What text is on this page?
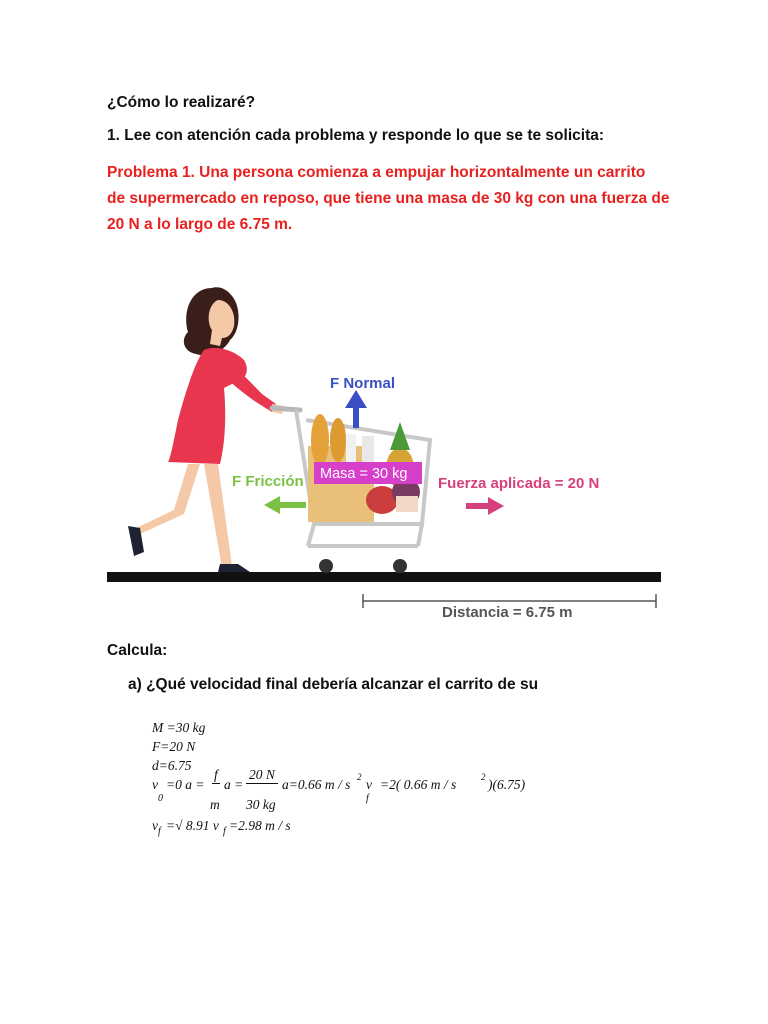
¿Cómo lo realizaré?
1. Lee con atención cada problema y responde lo que se te solicita:
Problema 1. Una persona comienza a empujar horizontalmente un carrito
de supermercado en reposo, que tiene una masa de 30 kg con una fuerza de
20 N a lo largo de 6.75 m.
F Normal
Masa = 30 kg
F Fricción	Fuerza aplicada = 20 N
Distancia = 6.75 m
Calcula:
a) ¿Qué velocidad final debería alcanzar el carrito de su
M =30 kg
F=20 N
d=6.75
v
0
=0 a =
f
m
a =
20 N
30 kg
a=0.66 m / s 2 v
f
=2( 0.66 m / s	2 )(6.75)
v f =√ 8.91 v f =2.98 m / s
